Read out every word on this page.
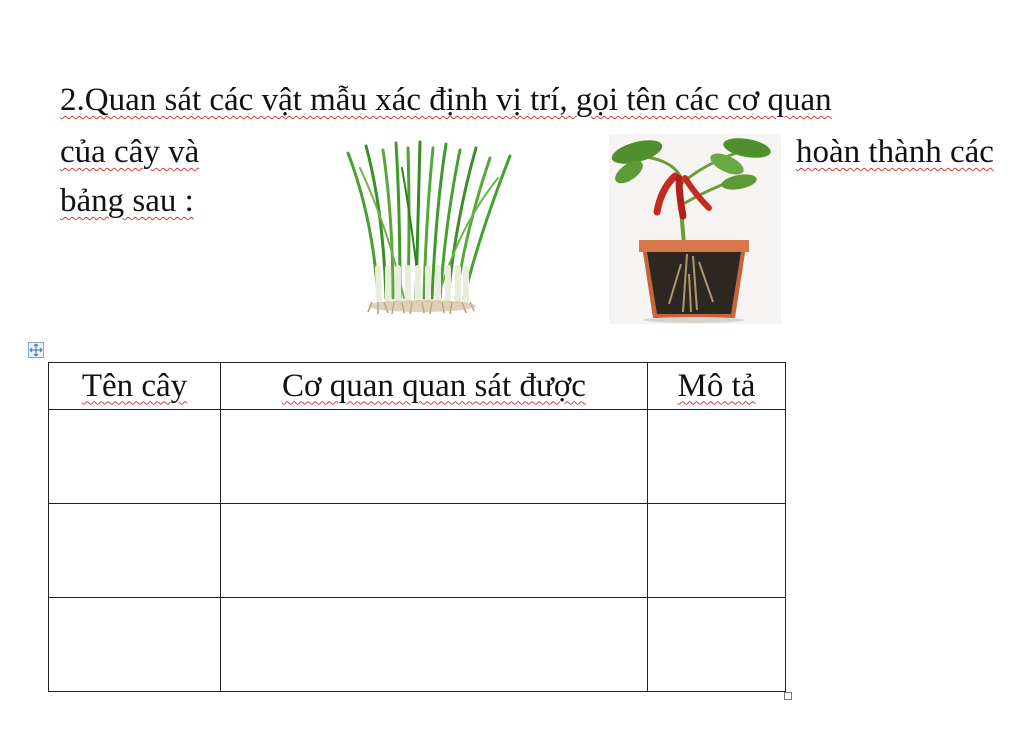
2.Quan sát các vật mẫu xác định vị trí, gọi tên các cơ quan
của cây và	hoàn thành các
bảng sau :
Tên cây	Cơ quan quan sát được	Mô tả
